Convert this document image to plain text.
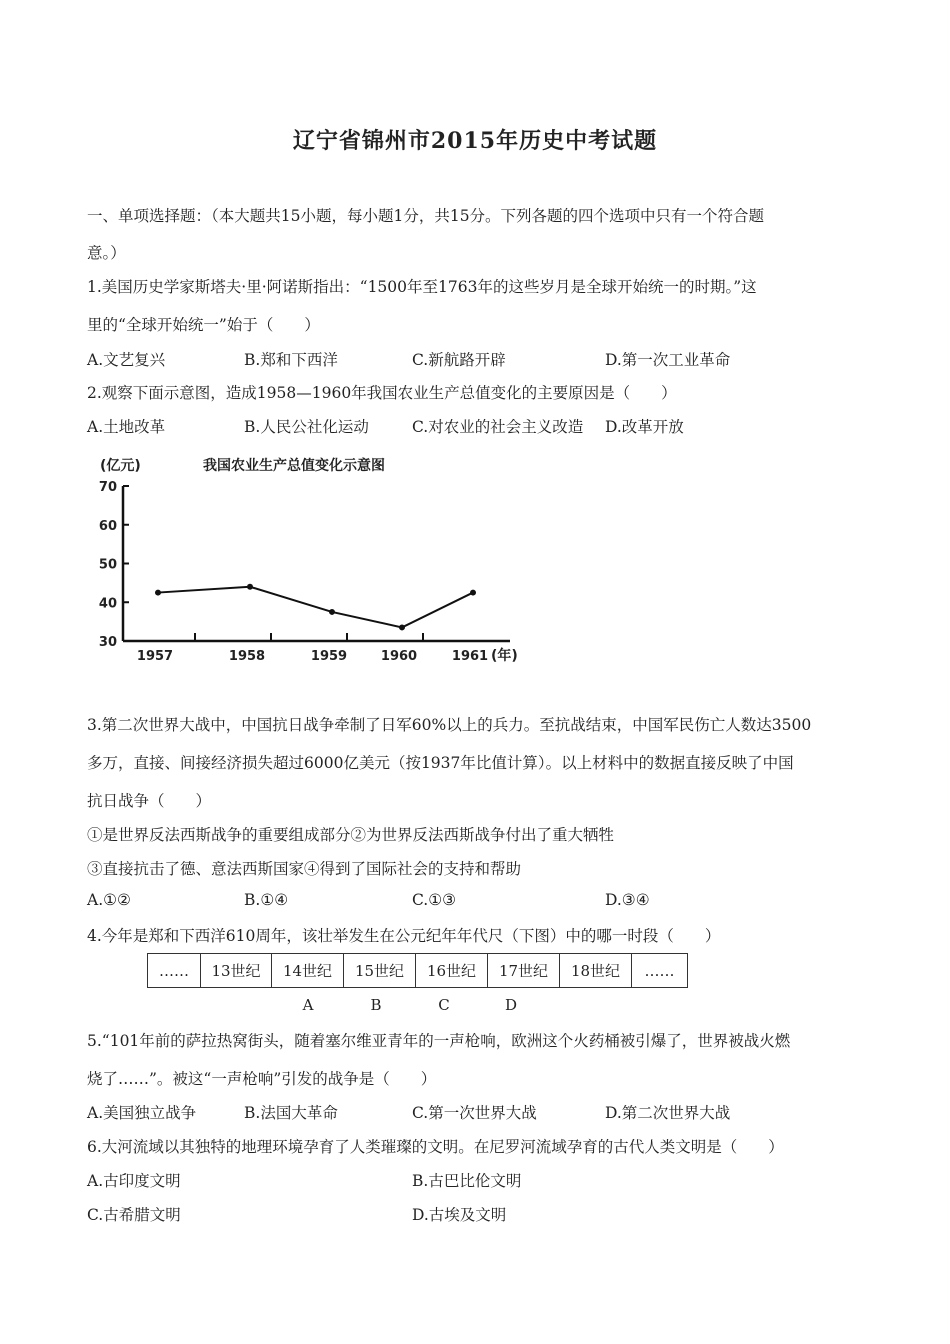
辽宁省锦州市2015年历史中考试题
一、单项选择题：（本大题共15小题，每小题1分，共15分。下列各题的四个选项中只有一个符合题
意。）
1.美国历史学家斯塔夫·里·阿诺斯指出：“1500年至1763年的这些岁月是全球开始统一的时期。”这
里的“全球开始统一”始于（　　）
A.文艺复兴	B.郑和下西洋	C.新航路开辟	D.第一次工业革命
2.观察下面示意图，造成1958—1960年我国农业生产总值变化的主要原因是（　　）
A.土地改革	B.人民公社化运动	C.对农业的社会主义改造 D.改革开放
(亿元)	我国农业生产总值变化示意图
70
60
50
40
30
1957	1958	1959	1960	1961 (年)
3.第二次世界大战中，中国抗日战争牵制了日军60%以上的兵力。至抗战结束，中国军民伤亡人数达3500
多万，直接、间接经济损失超过6000亿美元（按1937年比值计算）。以上材料中的数据直接反映了中国
抗日战争（　　）
①是世界反法西斯战争的重要组成部分②为世界反法西斯战争付出了重大牺牲
③直接抗击了德、意法西斯国家④得到了国际社会的支持和帮助
A.①②	B.①④	C.①③	D.③④
4.今年是郑和下西洋610周年，该壮举发生在公元纪年年代尺（下图）中的哪一时段（　　）
……	13世纪	14世纪	15世纪	16世纪	17世纪	18世纪	……
A	B	C	D
5.“101年前的萨拉热窝街头，随着塞尔维亚青年的一声枪响，欧洲这个火药桶被引爆了，世界被战火燃
烧了……”。被这“一声枪响”引发的战争是（　　）
A.美国独立战争	B.法国大革命	C.第一次世界大战	D.第二次世界大战
6.大河流域以其独特的地理环境孕育了人类璀璨的文明。在尼罗河流域孕育的古代人类文明是（　　）
A.古印度文明	B.古巴比伦文明
C.古希腊文明	D.古埃及文明
